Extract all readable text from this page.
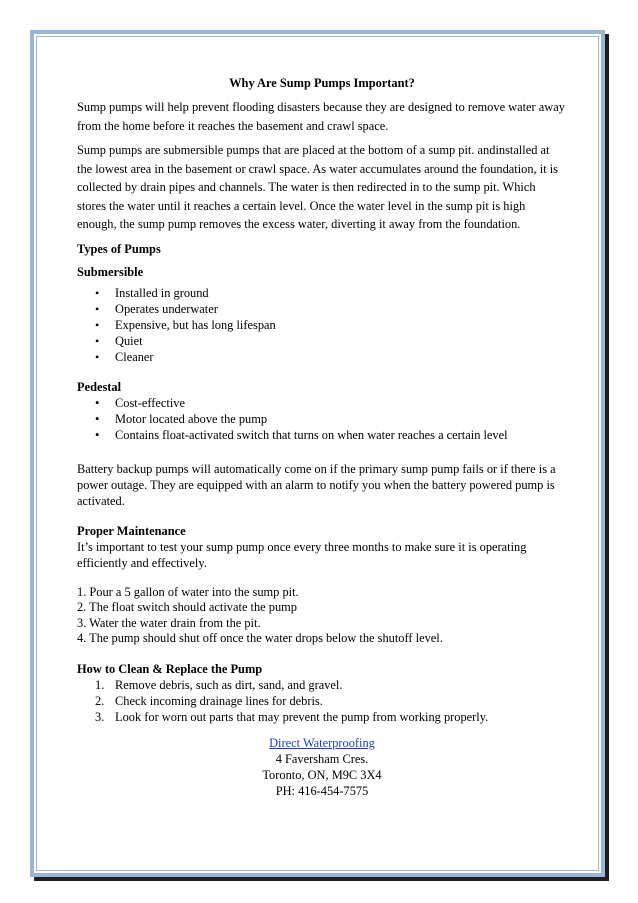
Why Are Sump Pumps Important?

Sump pumps will help prevent flooding disasters because they are designed to remove water away from the home before it reaches the basement and crawl space.

Sump pumps are submersible pumps that are placed at the bottom of a sump pit. andinstalled at the lowest area in the basement or crawl space. As water accumulates around the foundation, it is collected by drain pipes and channels. The water is then redirected in to the sump pit. Which stores the water until it reaches a certain level. Once the water level in the sump pit is high enough, the sump pump removes the excess water, diverting it away from the foundation.

Types of Pumps
Submersible
• Installed in ground
• Operates underwater
• Expensive, but has long lifespan
• Quiet
• Cleaner
Pedestal
• Cost-effective
• Motor located above the pump
• Contains float-activated switch that turns on when water reaches a certain level

Battery backup pumps will automatically come on if the primary sump pump fails or if there is a power outage. They are equipped with an alarm to notify you when the battery powered pump is activated.

Proper Maintenance

It’s important to test your sump pump once every three months to make sure it is operating efficiently and effectively.

1. Pour a 5 gallon of water into the sump pit.
2. The float switch should activate the pump
3. Water the water drain from the pit.
4. The pump should shut off once the water drops below the shutoff level.
How to Clean & Replace the Pump
1. Remove debris, such as dirt, sand, and gravel.
2. Check incoming drainage lines for debris.
3. Look for worn out parts that may prevent the pump from working properly.
Direct Waterproofing
4 Faversham Cres.
Toronto, ON, M9C 3X4
PH: 416-454-7575
